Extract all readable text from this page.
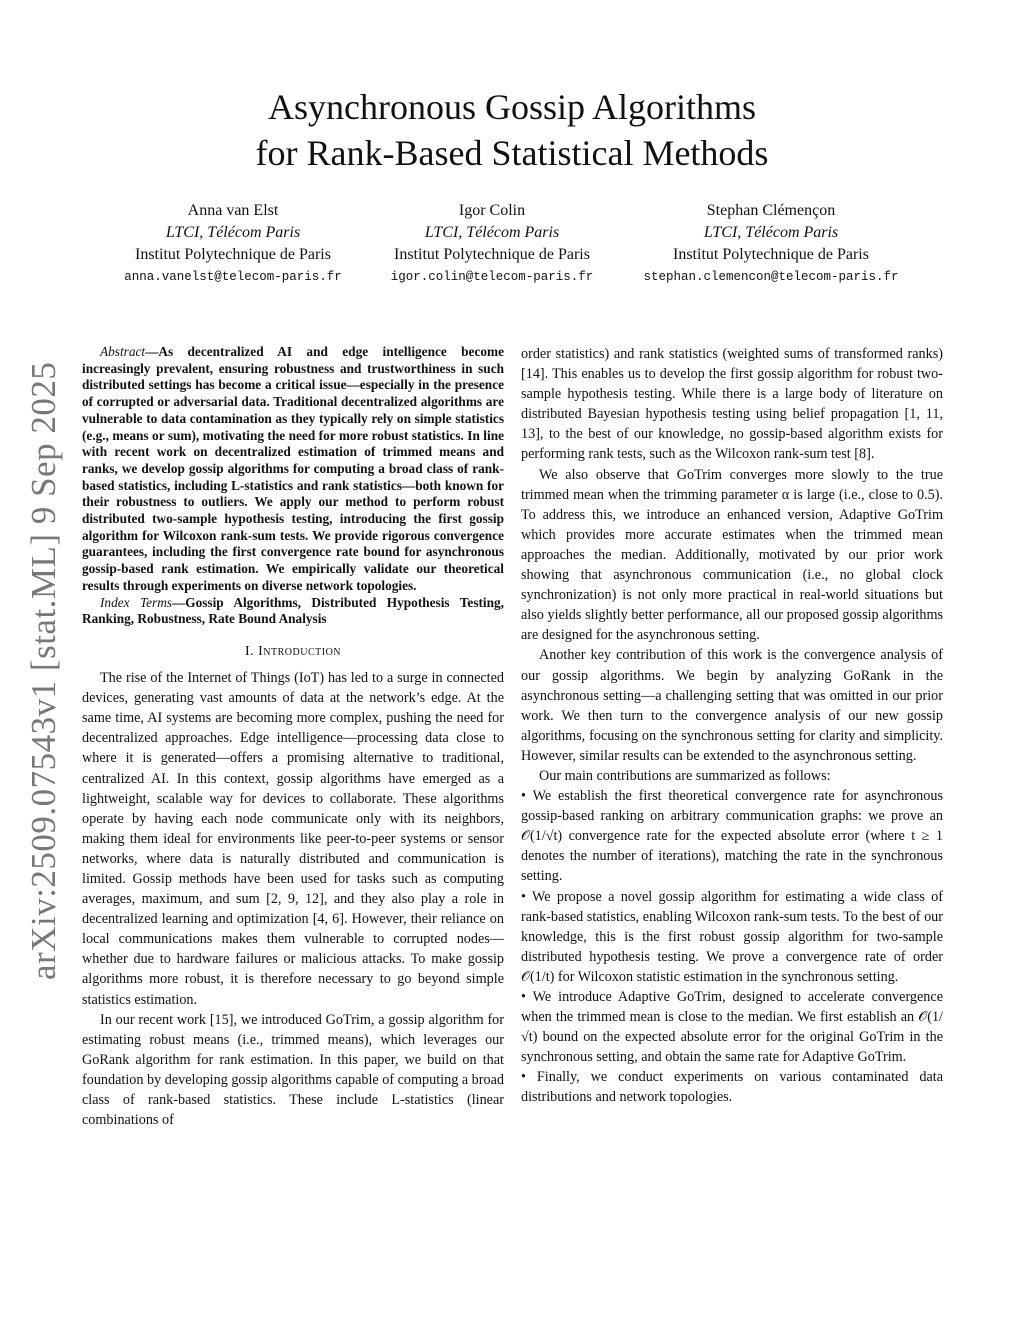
arXiv:2509.07543v1 [stat.ML] 9 Sep 2025
Asynchronous Gossip Algorithms
for Rank-Based Statistical Methods
Anna van Elst
LTCI, Télécom Paris
Institut Polytechnique de Paris
anna.vanelst@telecom-paris.fr
Igor Colin
LTCI, Télécom Paris
Institut Polytechnique de Paris
igor.colin@telecom-paris.fr
Stephan Clémençon
LTCI, Télécom Paris
Institut Polytechnique de Paris
stephan.clemencon@telecom-paris.fr

Abstract—As decentralized AI and edge intelligence become increasingly prevalent, ensuring robustness and trustworthiness in such distributed settings has become a critical issue—especially in the presence of corrupted or adversarial data. Traditional decentralized algorithms are vulnerable to data contamination as they typically rely on simple statistics (e.g., means or sum), motivating the need for more robust statistics. In line with recent work on decentralized estimation of trimmed means and ranks, we develop gossip algorithms for computing a broad class of rank-based statistics, including L-statistics and rank statistics—both known for their robustness to outliers. We apply our method to perform robust distributed two-sample hypothesis testing, introducing the first gossip algorithm for Wilcoxon rank-sum tests. We provide rigorous convergence guarantees, including the first convergence rate bound for asynchronous gossip-based rank estimation. We empirically validate our theoretical results through experiments on diverse network topologies.

Index Terms—Gossip Algorithms, Distributed Hypothesis Testing, Ranking, Robustness, Rate Bound Analysis

I. Introduction

The rise of the Internet of Things (IoT) has led to a surge in connected devices, generating vast amounts of data at the network’s edge. At the same time, AI systems are becoming more complex, pushing the need for decentralized approaches. Edge intelligence—processing data close to where it is generated—offers a promising alternative to traditional, centralized AI. In this context, gossip algorithms have emerged as a lightweight, scalable way for devices to collaborate. These algorithms operate by having each node communicate only with its neighbors, making them ideal for environments like peer-to-peer systems or sensor networks, where data is naturally distributed and communication is limited. Gossip methods have been used for tasks such as computing averages, maximum, and sum [2, 9, 12], and they also play a role in decentralized learning and optimization [4, 6]. However, their reliance on local communications makes them vulnerable to corrupted nodes—whether due to hardware failures or malicious attacks. To make gossip algorithms more robust, it is therefore necessary to go beyond simple statistics estimation.

In our recent work [15], we introduced GoTrim, a gossip algorithm for estimating robust means (i.e., trimmed means), which leverages our GoRank algorithm for rank estimation. In this paper, we build on that foundation by developing gossip algorithms capable of computing a broad class of rank-based statistics. These include L-statistics (linear combinations of

order statistics) and rank statistics (weighted sums of transformed ranks) [14]. This enables us to develop the first gossip algorithm for robust two-sample hypothesis testing. While there is a large body of literature on distributed Bayesian hypothesis testing using belief propagation [1, 11, 13], to the best of our knowledge, no gossip-based algorithm exists for performing rank tests, such as the Wilcoxon rank-sum test [8].

We also observe that GoTrim converges more slowly to the true trimmed mean when the trimming parameter α is large (i.e., close to 0.5). To address this, we introduce an enhanced version, Adaptive GoTrim which provides more accurate estimates when the trimmed mean approaches the median. Additionally, motivated by our prior work showing that asynchronous communication (i.e., no global clock synchronization) is not only more practical in real-world situations but also yields slightly better performance, all our proposed gossip algorithms are designed for the asynchronous setting.

Another key contribution of this work is the convergence analysis of our gossip algorithms. We begin by analyzing GoRank in the asynchronous setting—a challenging setting that was omitted in our prior work. We then turn to the convergence analysis of our new gossip algorithms, focusing on the synchronous setting for clarity and simplicity. However, similar results can be extended to the asynchronous setting.

Our main contributions are summarized as follows:

• We establish the first theoretical convergence rate for asynchronous gossip-based ranking on arbitrary communication graphs: we prove an 𝒪(1/√t) convergence rate for the expected absolute error (where t ≥ 1 denotes the number of iterations), matching the rate in the synchronous setting.

• We propose a novel gossip algorithm for estimating a wide class of rank-based statistics, enabling Wilcoxon rank-sum tests. To the best of our knowledge, this is the first robust gossip algorithm for two-sample distributed hypothesis testing. We prove a convergence rate of order 𝒪(1/t) for Wilcoxon statistic estimation in the synchronous setting.

• We introduce Adaptive GoTrim, designed to accelerate convergence when the trimmed mean is close to the median. We first establish an 𝒪(1/√t) bound on the expected absolute error for the original GoTrim in the synchronous setting, and obtain the same rate for Adaptive GoTrim.

• Finally, we conduct experiments on various contaminated data distributions and network topologies.
